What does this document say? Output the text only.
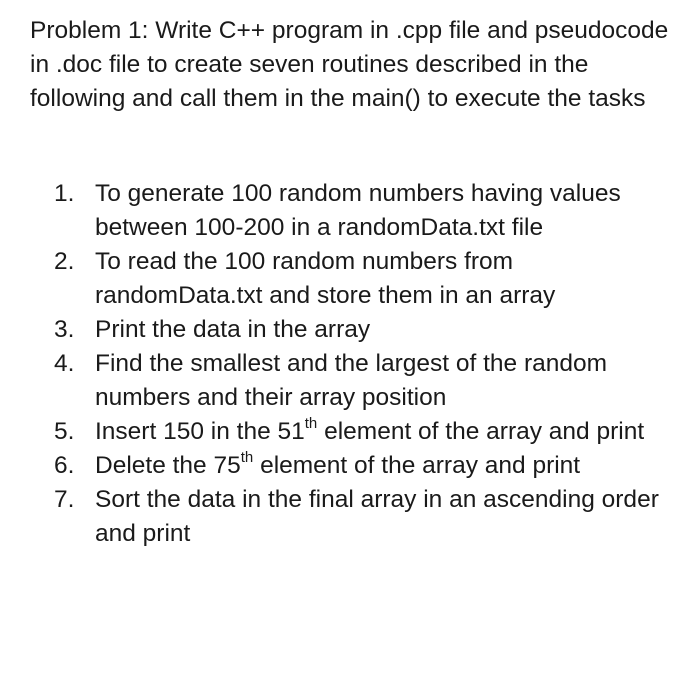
Problem 1: Write C++ program in .cpp file and pseudocode in .doc file to create seven routines described in the following and call them in the main() to execute the tasks

1. To generate 100 random numbers having values between 100-200 in a randomData.txt file
2. To read the 100 random numbers from randomData.txt and store them in an array
3. Print the data in the array
4. Find the smallest and the largest of the random numbers and their array position
5. Insert 150 in the 51th element of the array and print
6. Delete the 75th element of the array and print
7. Sort the data in the final array in an ascending order and print
